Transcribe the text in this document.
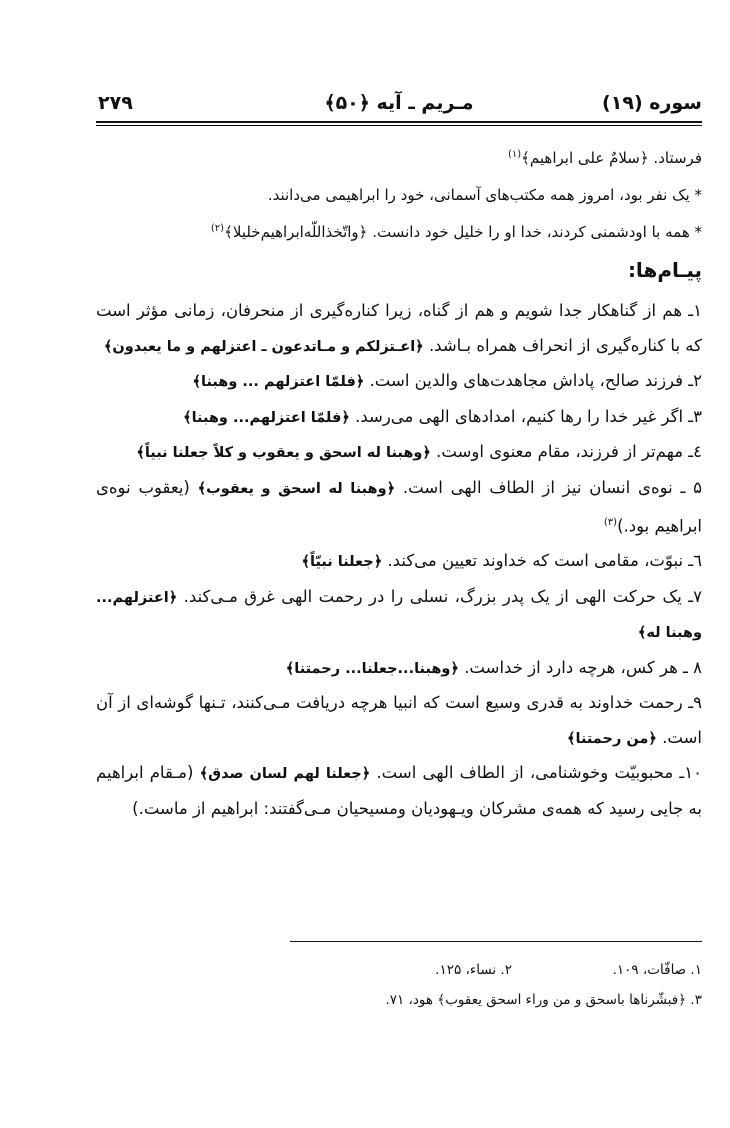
سوره (۱۹)
مـریم ـ آیه ﴿۵۰﴾
۲۷۹

فرستاد. ﴿سلامٌ علی ابراهیم﴾$^{(۱)}$

* یک نفر بود، امروز همه مکتب‌های آسمانی، خود را ابراهیمی می‌دانند.

* همه با اودشمنی کردند، خدا او را خلیل خود دانست. ﴿واتّخذاللّه‌ابراهیم‌خلیلا﴾$^{(۲)}$

پیـام‌ها:

۱ـ هم از گناهکار جدا شویم و هم از گناه، زیرا کناره‌گیری از منحرفان، زمانی مؤثر است که با کناره‌گیری از انحراف همراه بـاشد. ﴿اعـتزلکم و مـاتدعون ـ اعتزلهم و ما یعبدون﴾

۲ـ فرزند صالح، پاداش مجاهدت‌های والدین است. ﴿فلمّا اعتزلهم ... وهبنا﴾

۳ـ اگر غیر خدا را رها کنیم، امدادهای الهی می‌رسد. ﴿فلمّا اعتزلهم... وهبنا﴾

٤ـ مهم‌تر از فرزند، مقام معنوی اوست. ﴿وهبنا له اسحق و یعقوب و کلاً جعلنا نبیاً﴾

۵ ـ نوه‌ی انسان نیز از الطاف الهی است. ﴿وهبنا له اسحق و یعقوب﴾ (یعقوب نوه‌ی ابراهیم بود.)$^{(۳)}$

٦ـ نبوّت، مقامی است که خداوند تعیین می‌کند. ﴿جعلنا نبیّاً﴾

۷ـ یک حرکت الهی از یک پدر بزرگ، نسلی را در رحمت الهی غرق مـی‌کند. ﴿اعتزلهم... وهبنا له﴾

۸ ـ هر کس، هرچه دارد از خداست. ﴿وهبنا...جعلنا... رحمتنا﴾

۹ـ رحمت خداوند به قدری وسیع است که انبیا هرچه دریافت مـی‌کنند، تـنها گوشه‌ای از آن است. ﴿من رحمتنا﴾

۱۰ـ محبوبیّت وخوشنامی، از الطاف الهی است. ﴿جعلنا لهم لسان صدق﴾ (مـقام ابراهیم به جایی رسید که همه‌ی مشرکان ویـهودیان ومسیحیان مـی‌گفتند: ابراهیم از ماست.)

۱. صافّات، ۱۰۹.
۲. نساء، ۱۲۵.
۳. ﴿فبشّرناها باسحق و من وراء اسحق یعقوب﴾ هود، ۷۱.
